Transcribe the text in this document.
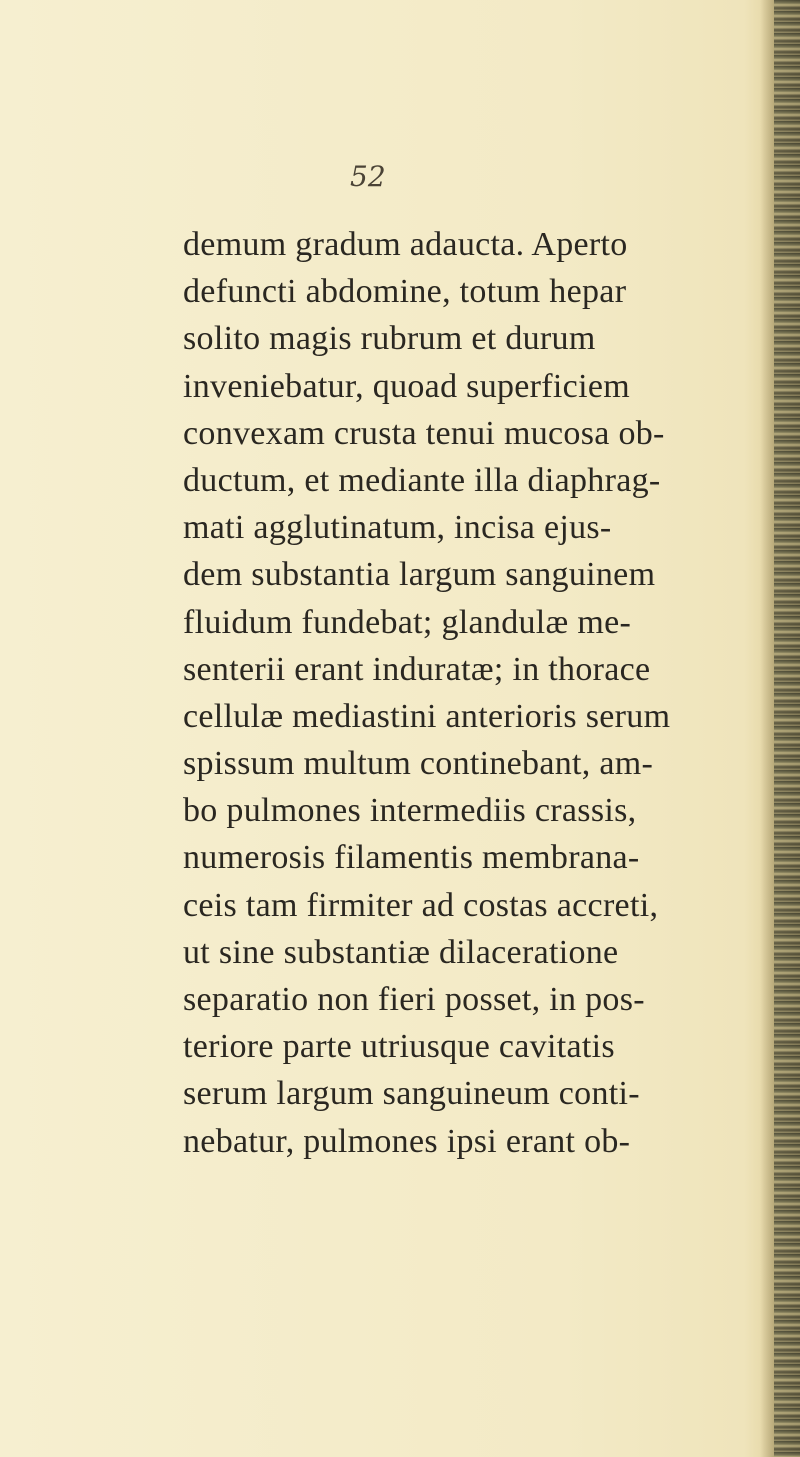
52

demum gradum adaucta. Aperto
defuncti abdomine, totum hepar
solito magis rubrum et durum
inveniebatur, quoad superficiem
convexam crusta tenui mucosa ob-
ductum, et mediante illa diaphrag-
mati agglutinatum, incisa ejus-
dem substantia largum sanguinem
fluidum fundebat; glandulæ me-
senterii erant induratæ; in thorace
cellulæ mediastini anterioris serum
spissum multum continebant, am-
bo pulmones intermediis crassis,
numerosis filamentis membrana-
ceis tam firmiter ad costas accreti,
ut sine substantiæ dilaceratione
separatio non fieri posset, in pos-
teriore parte utriusque cavitatis
serum largum sanguineum conti-
nebatur, pulmones ipsi erant ob-
